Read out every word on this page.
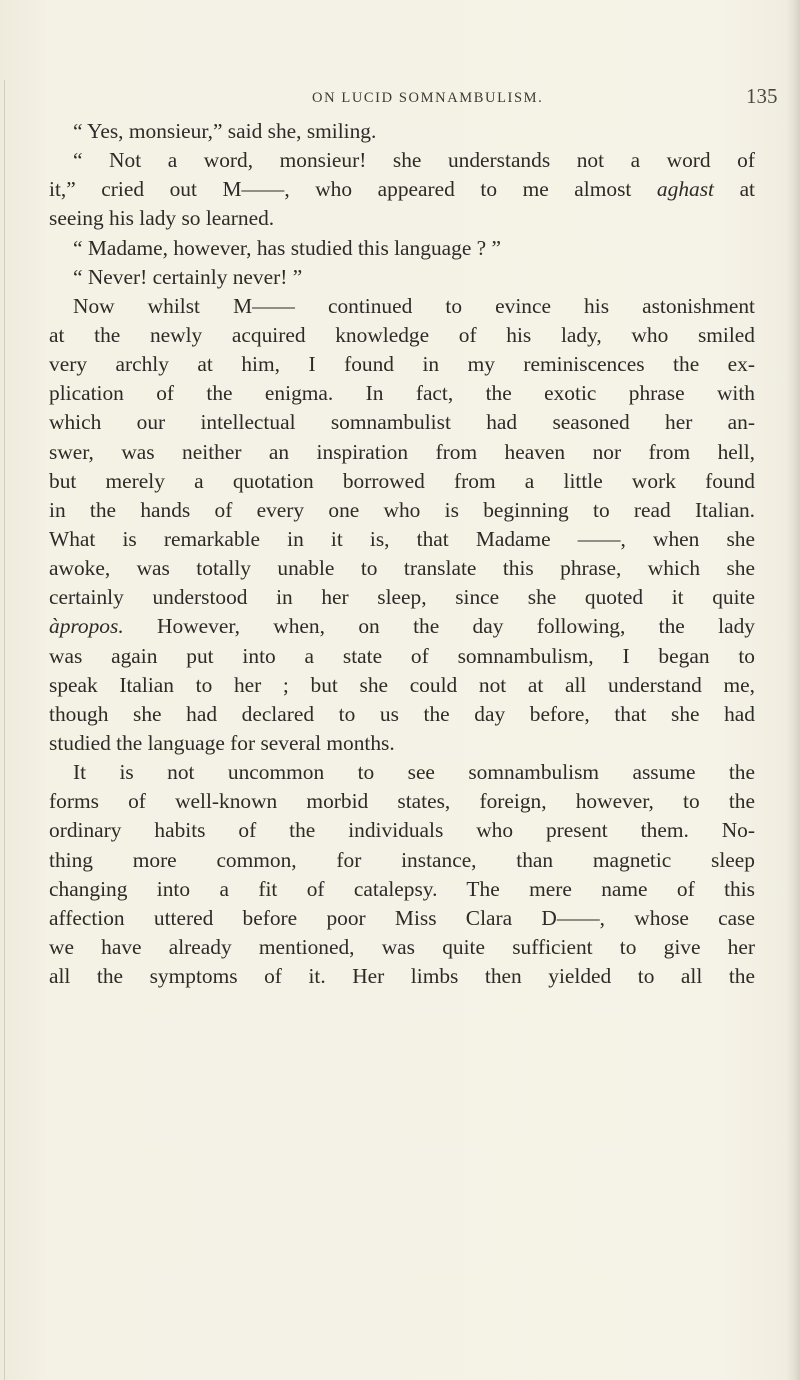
ON LUCID SOMNAMBULISM.	135
“ Yes, monsieur,” said she, smiling.
“ Not a word, monsieur! she understands not a word of
it,” cried out M——, who appeared to me almost aghast at
seeing his lady so learned.
“ Madame, however, has studied this language ? ”
“ Never! certainly never! ”
Now whilst M—— continued to evince his astonishment
at the newly acquired knowledge of his lady, who smiled
very archly at him, I found in my reminiscences the ex-
plication of the enigma. In fact, the exotic phrase with
which our intellectual somnambulist had seasoned her an-
swer, was neither an inspiration from heaven nor from hell,
but merely a quotation borrowed from a little work found
in the hands of every one who is beginning to read Italian.
What is remarkable in it is, that Madame ——, when she
awoke, was totally unable to translate this phrase, which she
certainly understood in her sleep, since she quoted it quite
àpropos. However, when, on the day following, the lady
was again put into a state of somnambulism, I began to
speak Italian to her ; but she could not at all understand me,
though she had declared to us the day before, that she had
studied the language for several months.
It is not uncommon to see somnambulism assume the
forms of well-known morbid states, foreign, however, to the
ordinary habits of the individuals who present them. No-
thing more common, for instance, than magnetic sleep
changing into a fit of catalepsy. The mere name of this
affection uttered before poor Miss Clara D——, whose case
we have already mentioned, was quite sufficient to give her
all the symptoms of it. Her limbs then yielded to all the
